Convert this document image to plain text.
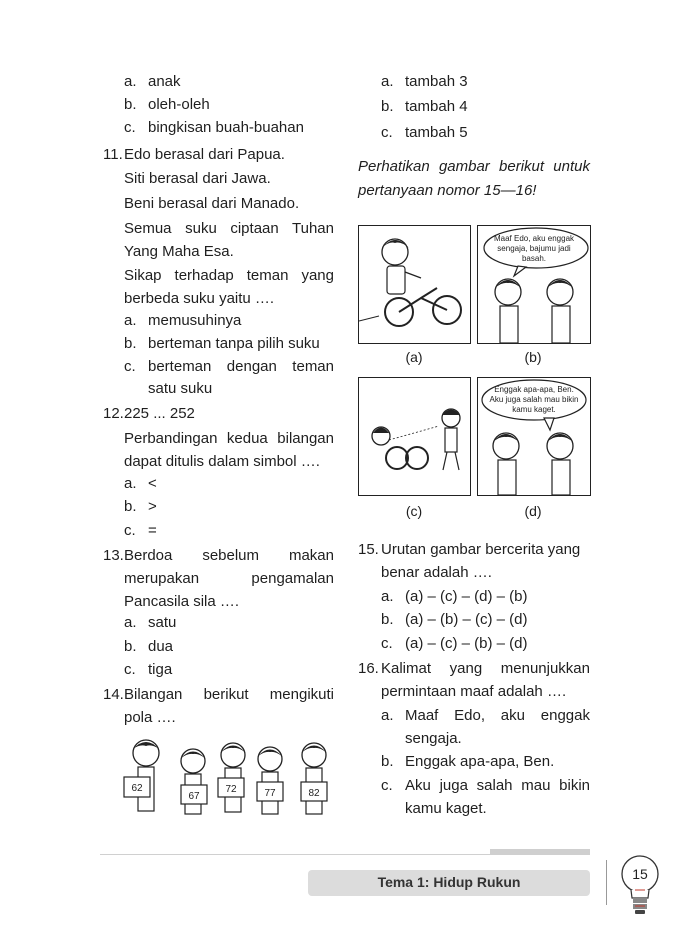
a. anak
b. oleh-oleh
c. bingkisan buah-buahan
11. Edo berasal dari Papua.
Siti berasal dari Jawa.
Beni berasal dari Manado.
Semua suku ciptaan Tuhan
Yang Maha Esa.
Sikap terhadap teman yang
berbeda suku yaitu ….
a. memusuhinya
b. berteman tanpa pilih suku
c. berteman dengan teman
satu suku
12. 225 ... 252
Perbandingan kedua bilangan
dapat ditulis dalam simbol ….
a. <
b. >
c. =
13. Berdoa sebelum makan
merupakan pengamalan
Pancasila sila ….
a. satu
b. dua
c. tiga
14. Bilangan berikut mengikuti
pola ….
62
67
72	77	82
a. tambah 3
b. tambah 4
c. tambah 5
Perhatikan gambar berikut untuk
pertanyaan nomor 15—16!
(a)
Maaf Edo, aku enggak sengaja, bajumu jadi basah.
(b)
(c)
Enggak apa-apa, Ben. Aku juga salah mau bikin kamu kaget.
(d)
15. Urutan gambar bercerita yang
benar adalah ….
a. (a) – (c) – (d) – (b)
b. (a) – (b) – (c) – (d)
c. (a) – (c) – (b) – (d)
16. Kalimat yang menunjukkan
permintaan maaf adalah ….
a. Maaf Edo, aku enggak
sengaja.
b. Enggak apa-apa, Ben.
c. Aku juga salah mau bikin
kamu kaget.
Tema 1: Hidup Rukun	15
